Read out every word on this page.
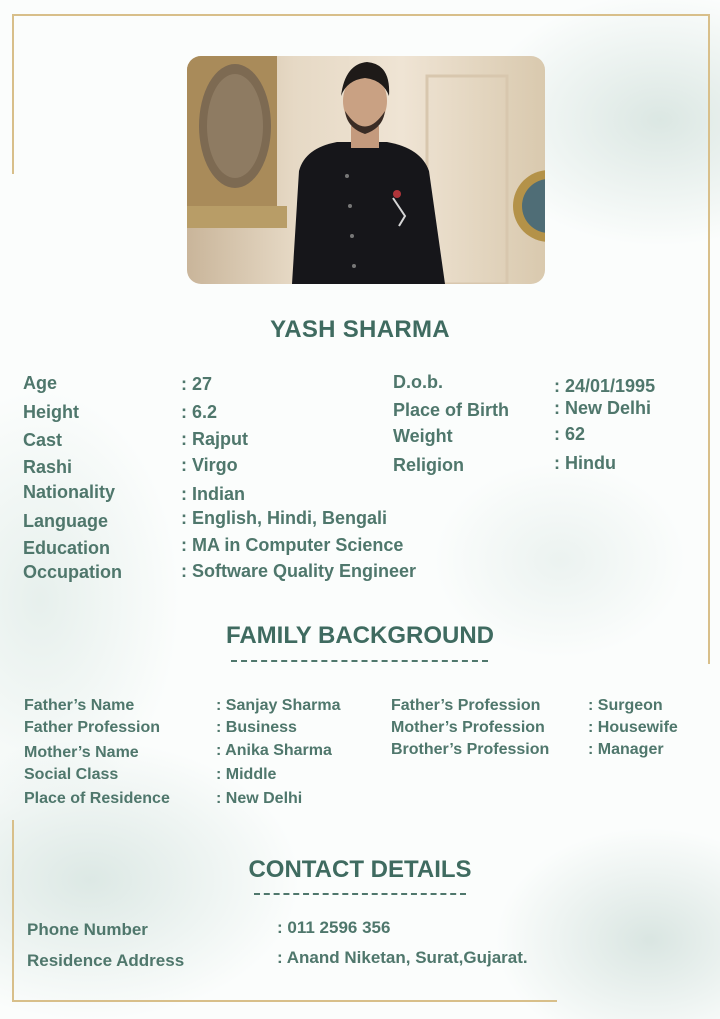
YASH SHARMA
Age	: 27
Height	: 6.2
Cast	: Rajput
Rashi	: Virgo
Nationality	: Indian
Language	: English, Hindi, Bengali
Education	: MA in Computer Science
Occupation	: Software Quality Engineer
D.o.b.	: 24/01/1995
Place of Birth : New Delhi
Weight	: 62
Religion	: Hindu
FAMILY BACKGROUND
Father’s Name	: Sanjay Sharma
Father Profession	: Business
Mother’s Name	: Anika Sharma
Social Class	: Middle
Place of Residence	: New Delhi
Father’s Profession	: Surgeon
Mother’s Profession	: Housewife
Brother’s Profession : Manager
CONTACT DETAILS
Phone Number	: 011 2596 356
Residence Address	: Anand Niketan, Surat,Gujarat.
